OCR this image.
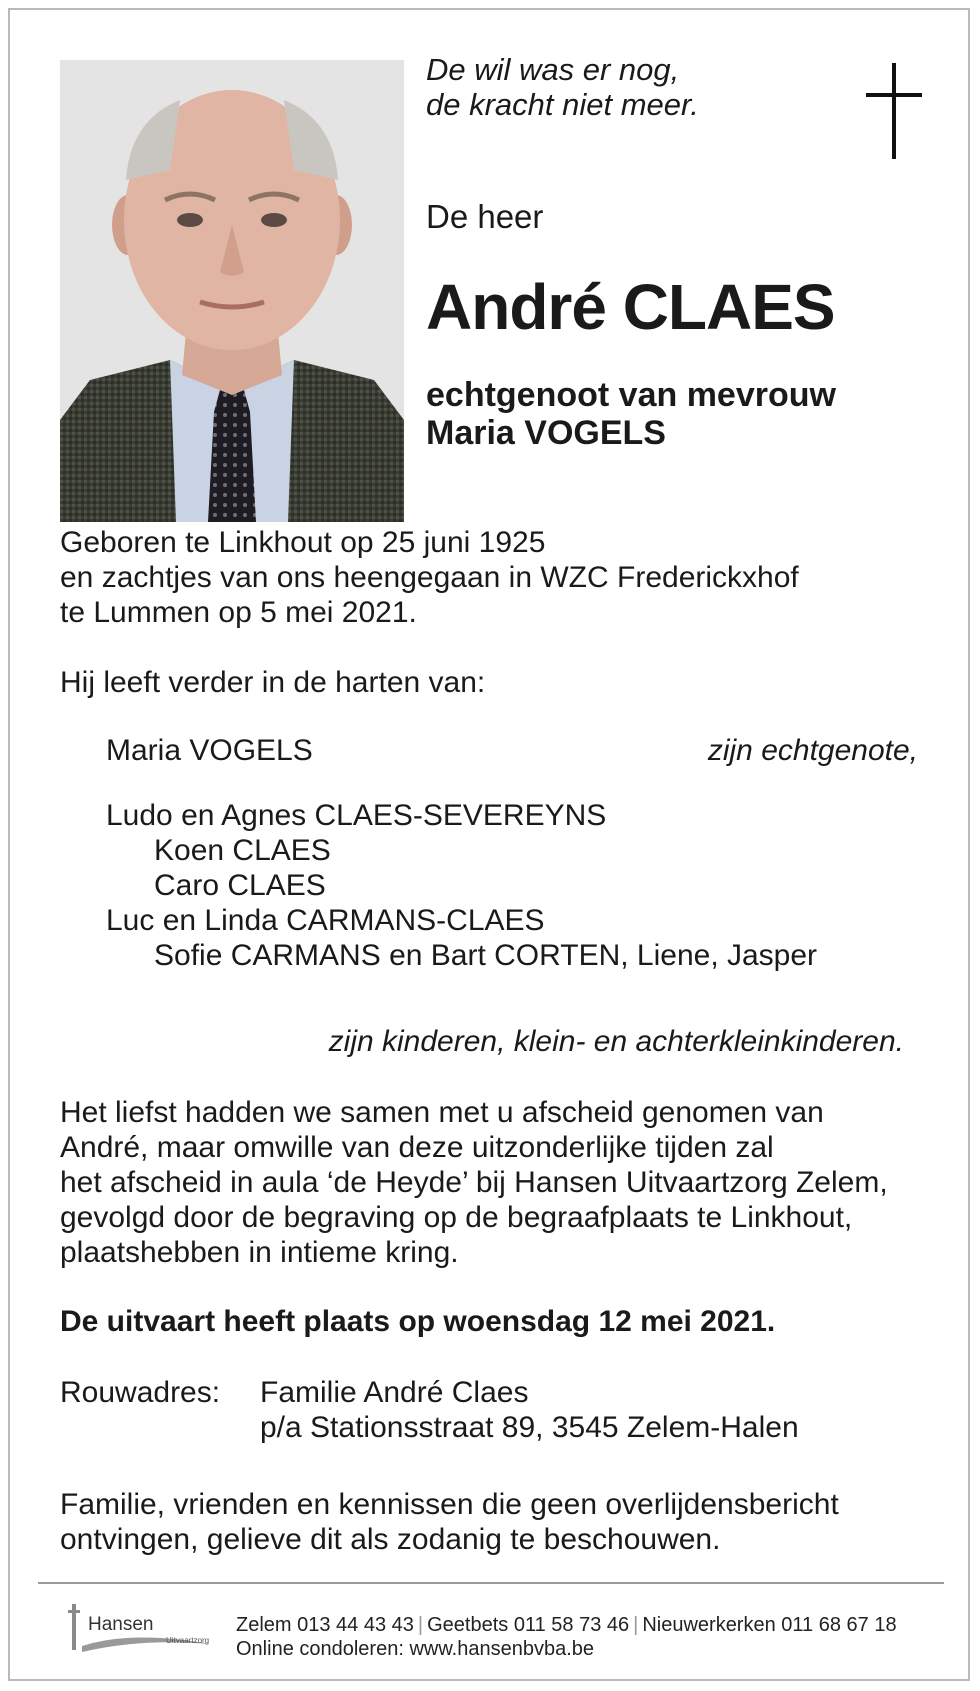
De wil was er nog,
de kracht niet meer.
De heer
André CLAES
echtgenoot van mevrouw
Maria VOGELS
Geboren te Linkhout op 25 juni 1925
en zachtjes van ons heengegaan in WZC Frederickxhof
te Lummen op 5 mei 2021.
Hij leeft verder in de harten van:
Maria VOGELS	zijn echtgenote,
Ludo en Agnes CLAES-SEVEREYNS
Koen CLAES
Caro CLAES
Luc en Linda CARMANS-CLAES
Sofie CARMANS en Bart CORTEN, Liene, Jasper
zijn kinderen, klein- en achterkleinkinderen.
Het liefst hadden we samen met u afscheid genomen van
André, maar omwille van deze uitzonderlijke tijden zal
het afscheid in aula ‘de Heyde’ bij Hansen Uitvaartzorg Zelem,
gevolgd door de begraving op de begraafplaats te Linkhout,
plaatshebben in intieme kring.
De uitvaart heeft plaats op woensdag 12 mei 2021.
Rouwadres: Familie André Claes
p/a Stationsstraat 89, 3545 Zelem-Halen
Familie, vrienden en kennissen die geen overlijdensbericht
ontvingen, gelieve dit als zodanig te beschouwen.
Hansen
Uitvaartzorg
Zelem 013 44 43 43 | Geetbets 011 58 73 46 | Nieuwerkerken 011 68 67 18
Online condoleren: www.hansenbvba.be
